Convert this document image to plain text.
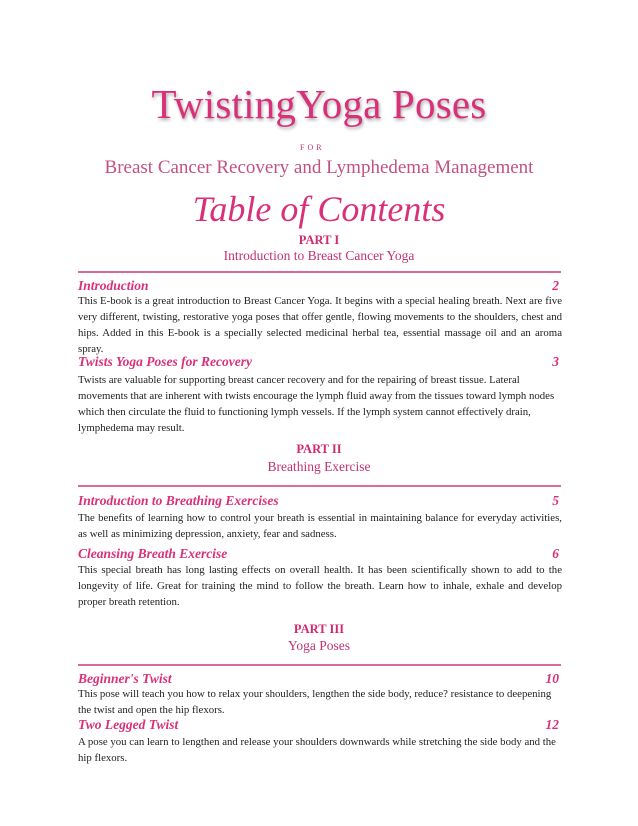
TwistingYoga Poses
FOR
Breast Cancer Recovery and Lymphedema Management
Table of Contents
PART I
Introduction to Breast Cancer Yoga
Introduction	2
This E-book is a great introduction to Breast Cancer Yoga. It begins with a special healing breath. Next are five very different, twisting, restorative yoga poses that offer gentle, flowing movements to the shoulders, chest and hips. Added in this E-book is a specially selected medicinal herbal tea, essential massage oil and an aroma spray.
Twists Yoga Poses for Recovery	3
Twists are valuable for supporting breast cancer recovery and for the repairing of breast tissue. Lateral movements that are inherent with twists encourage the lymph fluid away from the tissues toward lymph nodes which then circulate the fluid to functioning lymph vessels. If the lymph system cannot effectively drain, lymphedema may result.
PART II
Breathing Exercise
Introduction to Breathing Exercises	5
The benefits of learning how to control your breath is essential in maintaining balance for everyday activities, as well as minimizing depression, anxiety, fear and sadness.
Cleansing Breath Exercise	6
This special breath has long lasting effects on overall health. It has been scientifically shown to add to the longevity of life. Great for training the mind to follow the breath. Learn how to inhale, exhale and develop proper breath retention.
PART III
Yoga Poses
Beginner's Twist	10
This pose will teach you how to relax your shoulders, lengthen the side body, reduce? resistance to deepening the twist and open the hip flexors.
Two Legged Twist	12
A pose you can learn to lengthen and release your shoulders downwards while stretching the side body and the hip flexors.
